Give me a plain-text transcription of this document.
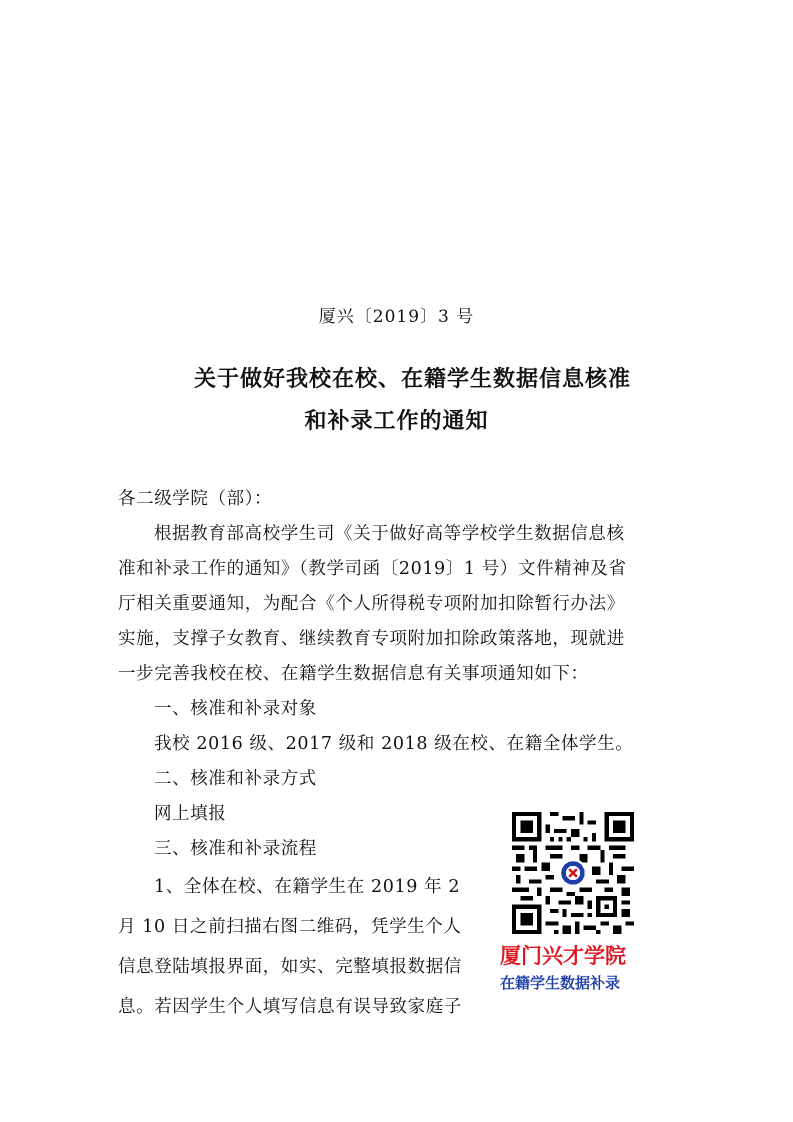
厦兴〔2019〕3 号
关于做好我校在校、在籍学生数据信息核准
和补录工作的通知
各二级学院（部）：
根据教育部高校学生司《关于做好高等学校学生数据信息核
准和补录工作的通知》（教学司函〔2019〕1 号）文件精神及省
厅相关重要通知，为配合《个人所得税专项附加扣除暂行办法》
实施，支撑子女教育、继续教育专项附加扣除政策落地，现就进
一步完善我校在校、在籍学生数据信息有关事项通知如下：
一、核准和补录对象
我校 2016 级、2017 级和 2018 级在校、在籍全体学生。
二、核准和补录方式
网上填报
三、核准和补录流程
1、全体在校、在籍学生在 2019 年 2
月 10 日之前扫描右图二维码，凭学生个人
信息登陆填报界面，如实、完整填报数据信
息。若因学生个人填写信息有误导致家庭子
厦门兴才学院
在籍学生数据补录
